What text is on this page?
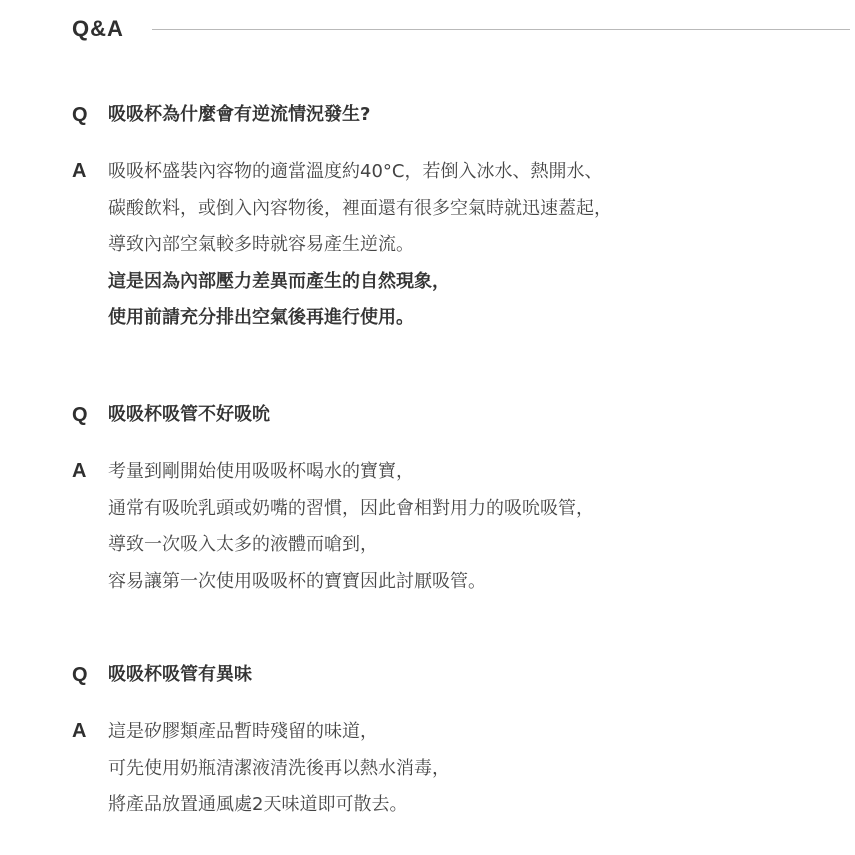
Q&A
Q	吸吸杯為什麼會有逆流情況發生?
A	吸吸杯盛裝內容物的適當溫度約40°C，若倒入冰水、熱開水、
碳酸飲料，或倒入內容物後，裡面還有很多空氣時就迅速蓋起，
導致內部空氣較多時就容易產生逆流。
這是因為內部壓力差異而產生的自然現象，
使用前請充分排出空氣後再進行使用。
Q	吸吸杯吸管不好吸吮
A	考量到剛開始使用吸吸杯喝水的寶寶，
通常有吸吮乳頭或奶嘴的習慣，因此會相對用力的吸吮吸管，
導致一次吸入太多的液體而嗆到，
容易讓第一次使用吸吸杯的寶寶因此討厭吸管。
Q	吸吸杯吸管有異味
A	這是矽膠類產品暫時殘留的味道，
可先使用奶瓶清潔液清洗後再以熱水消毒，
將產品放置通風處2天味道即可散去。
